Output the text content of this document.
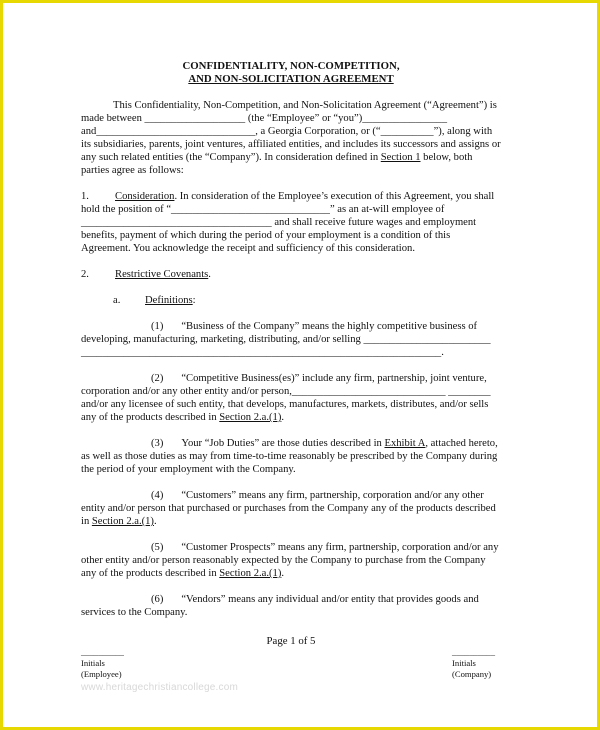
CONFIDENTIALITY, NON-COMPETITION,
AND NON-SOLICITATION AGREEMENT

This Confidentiality, Non-Competition, and Non-Solicitation Agreement (“Agreement”) is made between ___________________ (the “Employee” or “you”)________________ and______________________________, a Georgia Corporation, or (“__________”), along with its subsidiaries, parents, joint ventures, affiliated entities, and includes its successors and assigns or any such related entities (the “Company”). In consideration defined in Section 1 below, both parties agree as follows:

1. Consideration. In consideration of the Employee’s execution of this Agreement, you shall hold the position of “______________________________” as an at-will employee of ____________________________________ and shall receive future wages and employment benefits, payment of which during the period of your employment is a condition of this Agreement. You acknowledge the receipt and sufficiency of this consideration.

2. Restrictive Covenants.

a. Definitions:

(1) “Business of the Company” means the highly competitive business of developing, manufacturing, marketing, distributing, and/or selling ________________________ ____________________________________________________________________.

(2) “Competitive Business(es)” include any firm, partnership, joint venture, corporation and/or any other entity and/or person,_____________________________ ________ and/or any licensee of such entity, that develops, manufactures, markets, distributes, and/or sells any of the products described in Section 2.a.(1).

(3) Your “Job Duties” are those duties described in Exhibit A, attached hereto, as well as those duties as may from time-to-time reasonably be prescribed by the Company during the period of your employment with the Company.

(4) “Customers” means any firm, partnership, corporation and/or any other entity and/or person that purchased or purchases from the Company any of the products described in Section 2.a.(1).

(5) “Customer Prospects” means any firm, partnership, corporation and/or any other entity and/or person reasonably expected by the Company to purchase from the Company any of the products described in Section 2.a.(1).

(6) “Vendors” means any individual and/or entity that provides goods and services to the Company.

Page 1 of 5
__________
Initials
(Employee)
__________
Initials
(Company)
www.heritagechristiancollege.com
